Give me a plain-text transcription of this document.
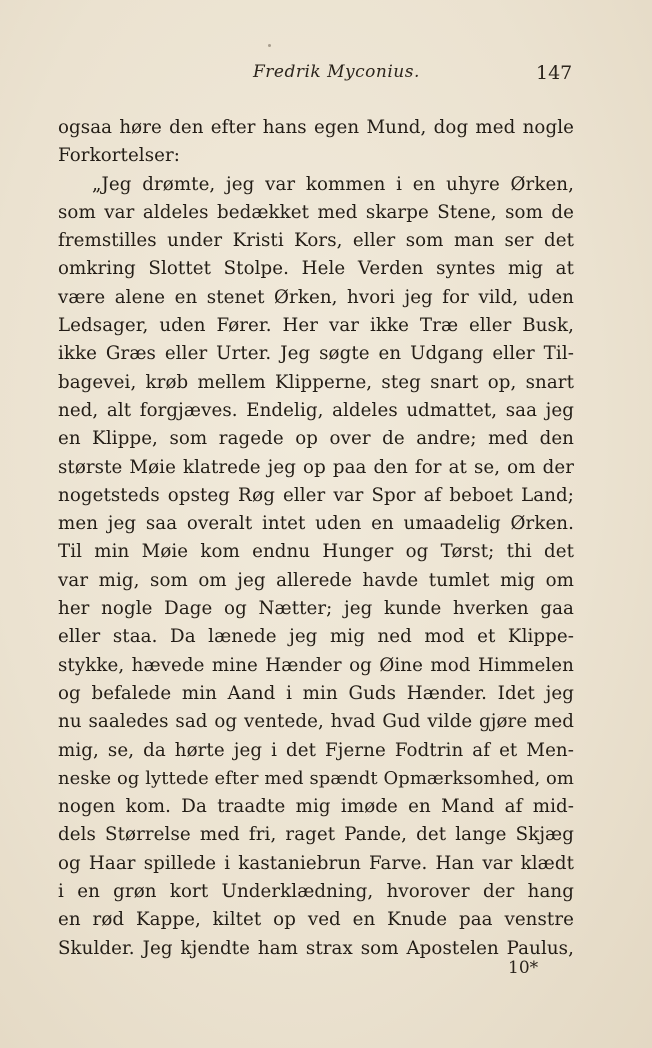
Fredrik Myconius.	147
ogsaa høre den efter hans egen Mund, dog med nogle
Forkortelser:
„Jeg drømte, jeg var kommen i en uhyre Ørken,
som var aldeles bedækket med skarpe Stene, som de
fremstilles under Kristi Kors, eller som man ser det
omkring Slottet Stolpe. Hele Verden syntes mig at
være alene en stenet Ørken, hvori jeg for vild, uden
Ledsager, uden Fører. Her var ikke Træ eller Busk,
ikke Græs eller Urter. Jeg søgte en Udgang eller Til-
bagevei, krøb mellem Klipperne, steg snart op, snart
ned, alt forgjæves. Endelig, aldeles udmattet, saa jeg
en Klippe, som ragede op over de andre; med den
største Møie klatrede jeg op paa den for at se, om der
nogetsteds opsteg Røg eller var Spor af beboet Land;
men jeg saa overalt intet uden en umaadelig Ørken.
Til min Møie kom endnu Hunger og Tørst; thi det
var mig, som om jeg allerede havde tumlet mig om
her nogle Dage og Nætter; jeg kunde hverken gaa
eller staa. Da lænede jeg mig ned mod et Klippe-
stykke, hævede mine Hænder og Øine mod Himmelen
og befalede min Aand i min Guds Hænder. Idet jeg
nu saaledes sad og ventede, hvad Gud vilde gjøre med
mig, se, da hørte jeg i det Fjerne Fodtrin af et Men-
neske og lyttede efter med spændt Opmærksomhed, om
nogen kom. Da traadte mig imøde en Mand af mid-
dels Størrelse med fri, raget Pande, det lange Skjæg
og Haar spillede i kastaniebrun Farve. Han var klædt
i en grøn kort Underklædning, hvorover der hang
en rød Kappe, kiltet op ved en Knude paa venstre
Skulder. Jeg kjendte ham strax som Apostelen Paulus,
10*
